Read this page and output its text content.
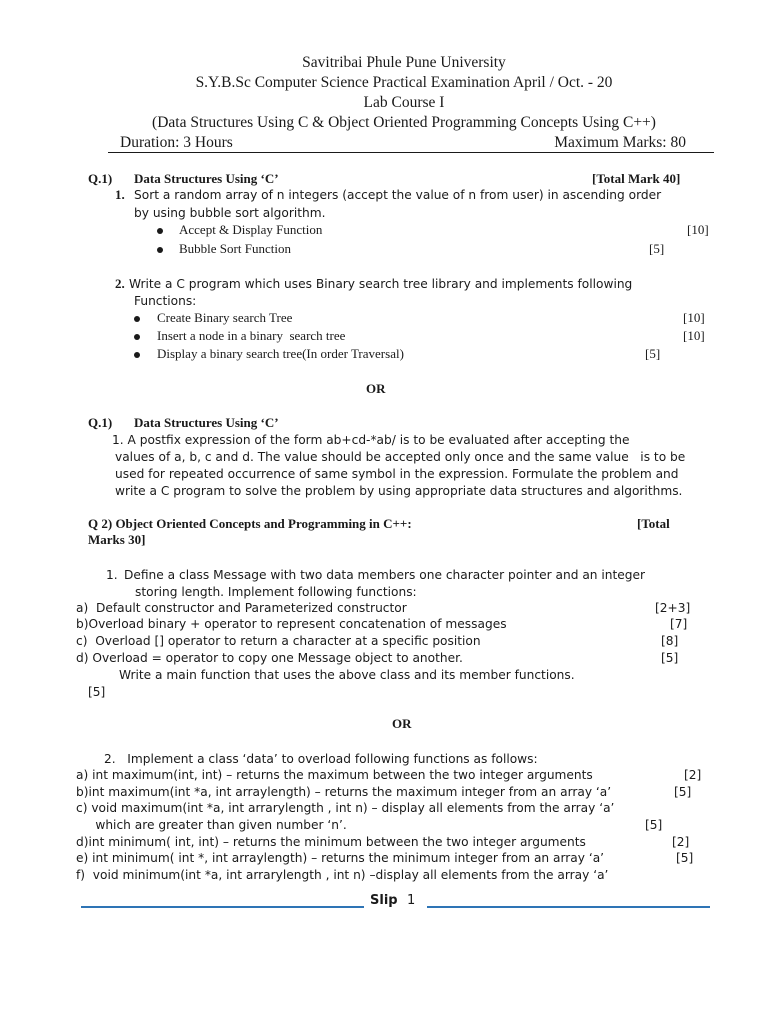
Savitribai Phule Pune University
S.Y.B.Sc Computer Science Practical Examination April / Oct. - 20
Lab Course I
(Data Structures Using C & Object Oriented Programming Concepts Using C++)
Duration: 3 Hours	Maximum Marks: 80
Q.1) Data Structures Using ‘C’	[Total Mark 40]
1. Sort a random array of n integers (accept the value of n from user) in ascending order
by using bubble sort algorithm.
Accept & Display Function	[10]
Bubble Sort Function	[5]
2. Write a C program which uses Binary search tree library and implements following
Functions:
Create Binary search Tree	[10]
Insert a node in a binary  search tree	[10]
Display a binary search tree(In order Traversal)	[5]
OR
Q.1) Data Structures Using ‘C’
1. A postfix expression of the form ab+cd-*ab/ is to be evaluated after accepting the
values of a, b, c and d. The value should be accepted only once and the same value   is to be
used for repeated occurrence of same symbol in the expression. Formulate the problem and
write a C program to solve the problem by using appropriate data structures and algorithms.
Q 2) Object Oriented Concepts and Programming in C++:	[Total
Marks 30]
1. Define a class Message with two data members one character pointer and an integer
storing length. Implement following functions:
a)  Default constructor and Parameterized constructor	[2+3]
b)Overload binary + operator to represent concatenation of messages	[7]
c)  Overload [] operator to return a character at a specific position	[8]
d) Overload = operator to copy one Message object to another.	[5]
Write a main function that uses the above class and its member functions.
[5]
OR
2.   Implement a class ‘data’ to overload following functions as follows:
a) int maximum(int, int) – returns the maximum between the two integer arguments	[2]
b)int maximum(int *a, int arraylength) – returns the maximum integer from an array ‘a’	[5]
c) void maximum(int *a, int arrarylength , int n) – display all elements from the array ‘a’
which are greater than given number ‘n’.	[5]
d)int minimum( int, int) – returns the minimum between the two integer arguments	[2]
e) int minimum( int *, int arraylength) – returns the minimum integer from an array ‘a’	[5]
f)  void minimum(int *a, int arrarylength , int n) –display all elements from the array ‘a’
Slip 1
